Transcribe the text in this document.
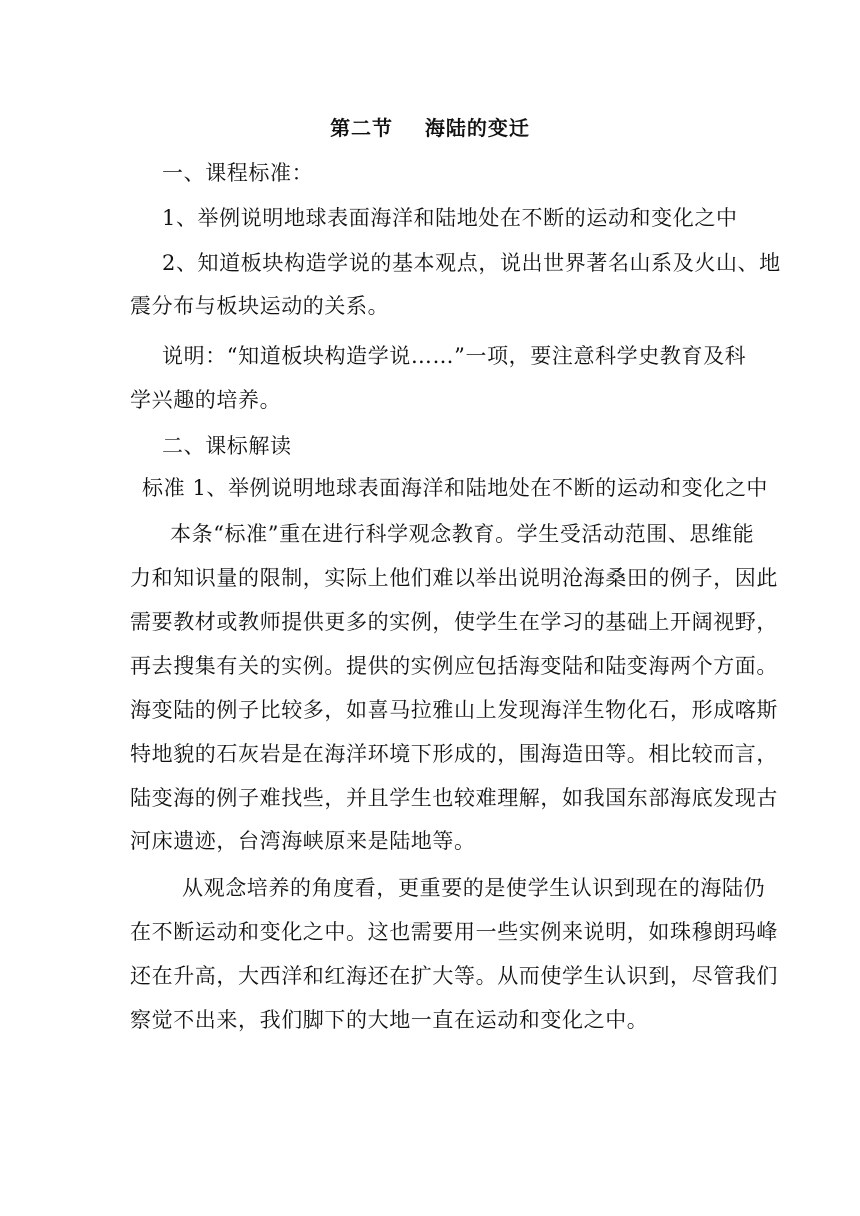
第二节 海陆的变迁
一、课程标准：
1、举例说明地球表面海洋和陆地处在不断的运动和变化之中
2、知道板块构造学说的基本观点，说出世界著名山系及火山、地
震分布与板块运动的关系。
说明：“知道板块构造学说……”一项，要注意科学史教育及科
学兴趣的培养。
二、课标解读
标准 1、举例说明地球表面海洋和陆地处在不断的运动和变化之中
本条“标准”重在进行科学观念教育。学生受活动范围、思维能
力和知识量的限制，实际上他们难以举出说明沧海桑田的例子，因此
需要教材或教师提供更多的实例，使学生在学习的基础上开阔视野，
再去搜集有关的实例。提供的实例应包括海变陆和陆变海两个方面。
海变陆的例子比较多，如喜马拉雅山上发现海洋生物化石，形成喀斯
特地貌的石灰岩是在海洋环境下形成的，围海造田等。相比较而言，
陆变海的例子难找些，并且学生也较难理解，如我国东部海底发现古
河床遗迹，台湾海峡原来是陆地等。
从观念培养的角度看，更重要的是使学生认识到现在的海陆仍
在不断运动和变化之中。这也需要用一些实例来说明，如珠穆朗玛峰
还在升高，大西洋和红海还在扩大等。从而使学生认识到，尽管我们
察觉不出来，我们脚下的大地一直在运动和变化之中。
